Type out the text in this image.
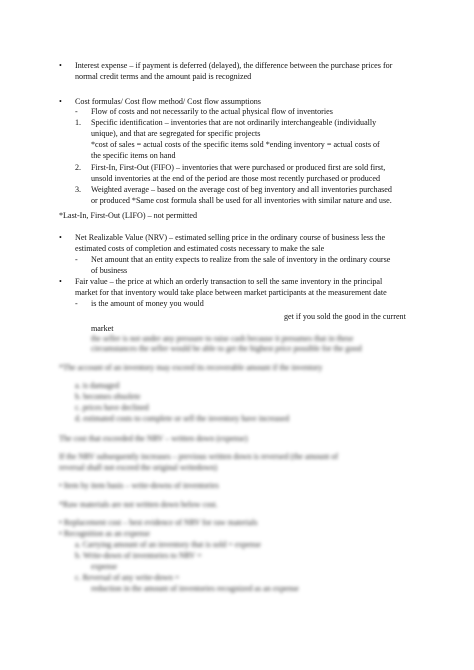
• Interest expense – if payment is deferred (delayed), the difference between the purchase prices for
normal credit terms and the amount paid is recognized
• Cost formulas/ Cost flow method/ Cost flow assumptions
- Flow of costs and not necessarily to the actual physical flow of inventories
1. Specific identification – inventories that are not ordinarily interchangeable (individually
unique), and that are segregated for specific projects
*cost of sales = actual costs of the specific items sold *ending inventory = actual costs of
the specific items on hand
2. First-In, First-Out (FIFO) – inventories that were purchased or produced first are sold first,
unsold inventories at the end of the period are those most recently purchased or produced
3. Weighted average – based on the average cost of beg inventory and all inventories purchased
or produced *Same cost formula shall be used for all inventories with similar nature and use.
*Last-In, First-Out (LIFO) – not permitted
• Net Realizable Value (NRV) – estimated selling price in the ordinary course of business less the
estimated costs of completion and estimated costs necessary to make the sale
- Net amount that an entity expects to realize from the sale of inventory in the ordinary course
of business
• Fair value – the price at which an orderly transaction to sell the same inventory in the principal
market for that inventory would take place between market participants at the measurement date
- is the amount of money you would
get if you sold the good in the current
market
the seller is not under any pressure to raise cash because it presumes that in these
circumstances the seller would be able to get the highest price possible for the good
*The account of an inventory may exceed its recoverable amount if the inventory
a. is damaged
b. becomes obsolete
c. prices have declined
d. estimated costs to complete or sell the inventory have increased
The cost that exceeded the NRV – written down (expense)
If the NRV subsequently increases – previous written down is reversed (the amount of
reversal shall not exceed the original writedown)
• Item by item basis – write-downs of inventories
*Raw materials are not written down below cost.
• Replacement cost – best evidence of NRV for raw materials
• Recognition as an expense
a. Carrying amount of an inventory that is sold = expense
b. Write-down of inventories to NRV =
expense
c. Reversal of any write-down =
reduction in the amount of inventories recognized as an expense
